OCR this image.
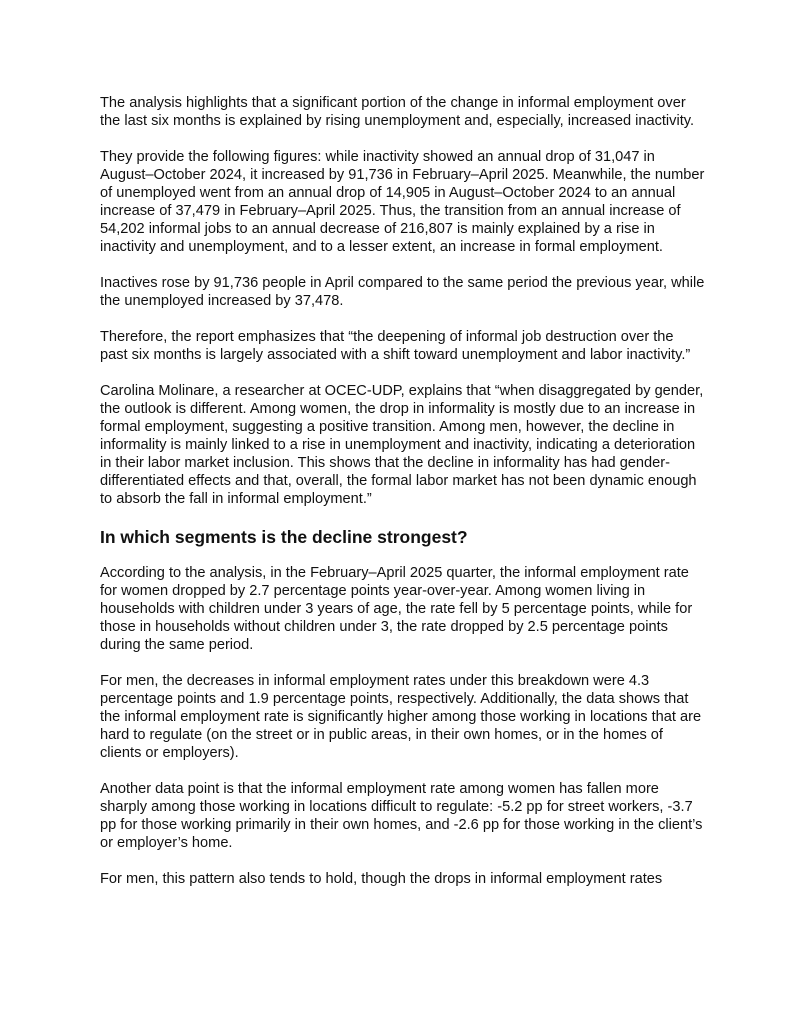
The analysis highlights that a significant portion of the change in informal employment over the last six months is explained by rising unemployment and, especially, increased inactivity.

They provide the following figures: while inactivity showed an annual drop of 31,047 in August–October 2024, it increased by 91,736 in February–April 2025. Meanwhile, the number of unemployed went from an annual drop of 14,905 in August–October 2024 to an annual increase of 37,479 in February–April 2025. Thus, the transition from an annual increase of 54,202 informal jobs to an annual decrease of 216,807 is mainly explained by a rise in inactivity and unemployment, and to a lesser extent, an increase in formal employment.

Inactives rose by 91,736 people in April compared to the same period the previous year, while the unemployed increased by 37,478.

Therefore, the report emphasizes that “the deepening of informal job destruction over the past six months is largely associated with a shift toward unemployment and labor inactivity.”

Carolina Molinare, a researcher at OCEC-UDP, explains that “when disaggregated by gender, the outlook is different. Among women, the drop in informality is mostly due to an increase in formal employment, suggesting a positive transition. Among men, however, the decline in informality is mainly linked to a rise in unemployment and inactivity, indicating a deterioration in their labor market inclusion. This shows that the decline in informality has had gender-differentiated effects and that, overall, the formal labor market has not been dynamic enough to absorb the fall in informal employment.”

In which segments is the decline strongest?

According to the analysis, in the February–April 2025 quarter, the informal employment rate for women dropped by 2.7 percentage points year-over-year. Among women living in households with children under 3 years of age, the rate fell by 5 percentage points, while for those in households without children under 3, the rate dropped by 2.5 percentage points during the same period.

For men, the decreases in informal employment rates under this breakdown were 4.3 percentage points and 1.9 percentage points, respectively. Additionally, the data shows that the informal employment rate is significantly higher among those working in locations that are hard to regulate (on the street or in public areas, in their own homes, or in the homes of clients or employers).

Another data point is that the informal employment rate among women has fallen more sharply among those working in locations difficult to regulate: -5.2 pp for street workers, -3.7 pp for those working primarily in their own homes, and -2.6 pp for those working in the client’s or employer’s home.

For men, this pattern also tends to hold, though the drops in informal employment rates
